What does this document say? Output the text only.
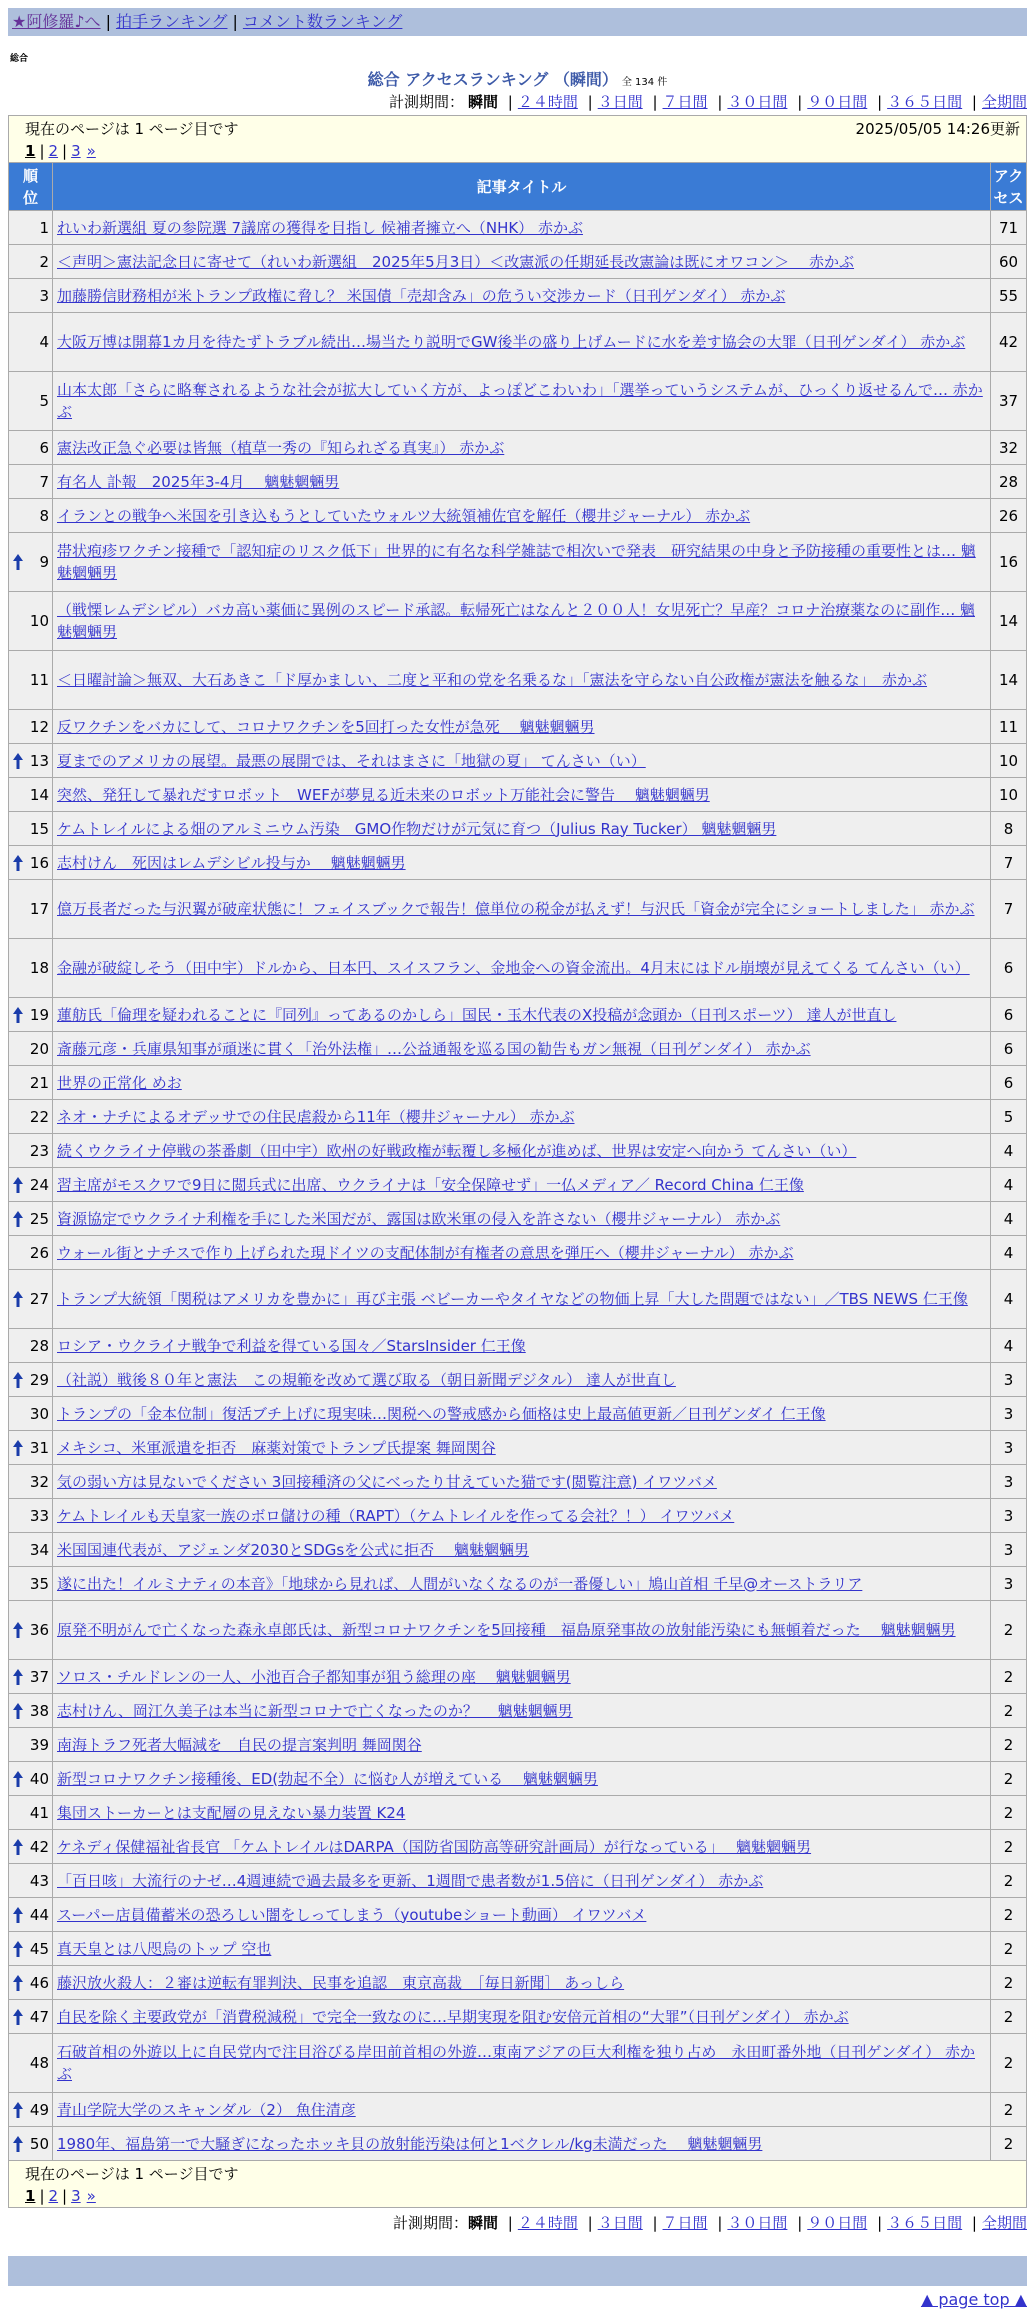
★阿修羅♪へ | 拍手ランキング | コメント数ランキング
総合
総合 アクセスランキング （瞬間） 全 134 件
計測期間： 瞬間 | ２４時間 | ３日間 | ７日間 | ３０日間 | ９０日間 | ３６５日間 | 全期間
現在のページは 1 ページ目です 2025/05/05 14:26更新
1 | 2 | 3 »		

順
位	記事タイトル	アク
セス
1	れいわ新選組 夏の参院選 7議席の獲得を目指し 候補者擁立へ（NHK） 赤かぶ	71
2	＜声明＞憲法記念日に寄せて（れいわ新選組　2025年5月3日）＜改憲派の任期延長改憲論は既にオワコン＞　 赤かぶ	60
3	加藤勝信財務相が米トランプ政権に脅し？ 米国債「売却含み」の危うい交渉カード（日刊ゲンダイ） 赤かぶ	55
4	大阪万博は開幕1カ月を待たずトラブル続出…場当たり説明でGW後半の盛り上げムードに水を差す協会の大罪（日刊ゲンダイ） 赤かぶ	42
5	山本太郎「さらに略奪されるような社会が拡大していく方が、よっぽどこわいわ」「選挙っていうシステムが、ひっくり返せるんで… 赤かぶ	37
6	憲法改正急ぐ必要は皆無（植草一秀の『知られざる真実』） 赤かぶ	32
7	有名人 訃報　2025年3-4月　 魑魅魍魎男	28
8	イランとの戦争へ米国を引き込もうとしていたウォルツ大統領補佐官を解任（櫻井ジャーナル） 赤かぶ	26

9	帯状疱疹ワクチン接種で「認知症のリスク低下」世界的に有名な科学雑誌で相次いで発表　研究結果の中身と予防接種の重要性とは… 魑魅魍魎男	16
10	（戦慄レムデシビル）バカ高い薬価に異例のスピード承認。転帰死亡はなんと２００人！女児死亡？早産？コロナ治療薬なのに副作… 魑魅魍魎男	14
11	＜日曜討論＞無双、大石あきこ「ド厚かましい、二度と平和の党を名乗るな」「憲法を守らない自公政権が憲法を触るな」　赤かぶ	14
12	反ワクチンをバカにして、コロナワクチンを5回打った女性が急死　 魑魅魍魎男	11

13	夏までのアメリカの展望。最悪の展開では、それはまさに「地獄の夏」 てんさい（い）	10
14	突然、発狂して暴れだすロボット　WEFが夢見る近未来のロボット万能社会に警告　 魑魅魍魎男	10
15	ケムトレイルによる畑のアルミニウム汚染　GMO作物だけが元気に育つ（Julius Ray Tucker） 魑魅魍魎男	8

16	志村けん　死因はレムデシビル投与か　 魑魅魍魎男	7
17	億万長者だった与沢翼が破産状態に！フェイスブックで報告！億単位の税金が払えず！与沢氏「資金が完全にショートしました」 赤かぶ	7
18	金融が破綻しそう（田中宇）ドルから、日本円、スイスフラン、金地金への資金流出。4月末にはドル崩壊が見えてくる てんさい（い）	6

19	蓮舫氏「倫理を疑われることに『同列』ってあるのかしら」国民・玉木代表のX投稿が念頭か（日刊スポーツ） 達人が世直し	6
20	斎藤元彦・兵庫県知事が頑迷に貫く「治外法権」…公益通報を巡る国の勧告もガン無視（日刊ゲンダイ） 赤かぶ	6
21	世界の正常化 めお	6
22	ネオ・ナチによるオデッサでの住民虐殺から11年（櫻井ジャーナル） 赤かぶ	5
23	続くウクライナ停戦の茶番劇（田中宇）欧州の好戦政権が転覆し多極化が進めば、世界は安定へ向かう てんさい（い）	4

24	習主席がモスクワで9日に閲兵式に出席、ウクライナは「安全保障せず」一仏メディア／ Record China 仁王像	4

25	資源協定でウクライナ利権を手にした米国だが、露国は欧米軍の侵入を許さない（櫻井ジャーナル） 赤かぶ	4
26	ウォール街とナチスで作り上げられた現ドイツの支配体制が有権者の意思を弾圧へ（櫻井ジャーナル） 赤かぶ	4

27	トランプ大統領「関税はアメリカを豊かに」再び主張 ベビーカーやタイヤなどの物価上昇「大した問題ではない」／TBS NEWS 仁王像	4
28	ロシア・ウクライナ戦争で利益を得ている国々／StarsInsider 仁王像	4

29	（社説）戦後８０年と憲法　この規範を改めて選び取る（朝日新聞デジタル） 達人が世直し	3
30	トランプの「金本位制」復活ブチ上げに現実味…関税への警戒感から価格は史上最高値更新／日刊ゲンダイ 仁王像	3

31	メキシコ、米軍派遣を拒否　麻薬対策でトランプ氏提案 舞岡関谷	3
32	気の弱い方は見ないでください 3回接種済の父にべったり甘えていた猫です(閲覧注意) イワツバメ	3
33	ケムトレイルも天皇家一族のボロ儲けの種（RAPT）（ケムトレイルを作ってる会社？！） イワツバメ	3
34	米国国連代表が、アジェンダ2030とSDGsを公式に拒否　 魑魅魍魎男	3
35	遂に出た！イルミナティの本音》「地球から見れば、人間がいなくなるのが一番優しい」鳩山首相 千早@オーストラリア	3

36	原発不明がんで亡くなった森永卓郎氏は、新型コロナワクチンを5回接種　福島原発事故の放射能汚染にも無頓着だった　 魑魅魍魎男	2

37	ソロス・チルドレンの一人、小池百合子都知事が狙う総理の座　 魑魅魍魎男	2

38	志村けん、岡江久美子は本当に新型コロナで亡くなったのか？　 魑魅魍魎男	2
39	南海トラフ死者大幅減を　自民の提言案判明 舞岡関谷	2

40	新型コロナワクチン接種後、ED(勃起不全）に悩む人が増えている　 魑魅魍魎男	2
41	集団ストーカーとは支配層の見えない暴力装置 K24	2

42	ケネディ保健福祉省長官 「ケムトレイルはDARPA（国防省国防高等研究計画局）が行なっている」　 魑魅魍魎男	2
43	「百日咳」大流行のナゼ…4週連続で過去最多を更新、1週間で患者数が1.5倍に（日刊ゲンダイ） 赤かぶ	2

44	スーパー店員備蓄米の恐ろしい闇をしってしまう（youtubeショート動画） イワツバメ	2

45	真天皇とは八咫烏のトップ 空也	2

46	藤沢放火殺人：２審は逆転有罪判決、民事を追認　東京高裁　［毎日新聞］ あっしら	2

47	自民を除く主要政党が「消費税減税」で完全一致なのに…早期実現を阻む安倍元首相の“大罪”（日刊ゲンダイ） 赤かぶ	2
48	石破首相の外遊以上に自民党内で注目浴びる岸田前首相の外遊…東南アジアの巨大利権を独り占め　永田町番外地（日刊ゲンダイ） 赤かぶ	2

49	青山学院大学のスキャンダル（2） 魚住清彦	2

50	1980年、福島第一で大騒ぎになったホッキ貝の放射能汚染は何と1ベクレル/kg未満だった　 魑魅魍魎男	2

現在のページは 1 ページ目です
1 | 2 | 3 »		
計測期間：瞬間 | ２４時間 | ３日間 | ７日間 | ３０日間 | ９０日間 | ３６５日間 | 全期間
▲ page top ▲
